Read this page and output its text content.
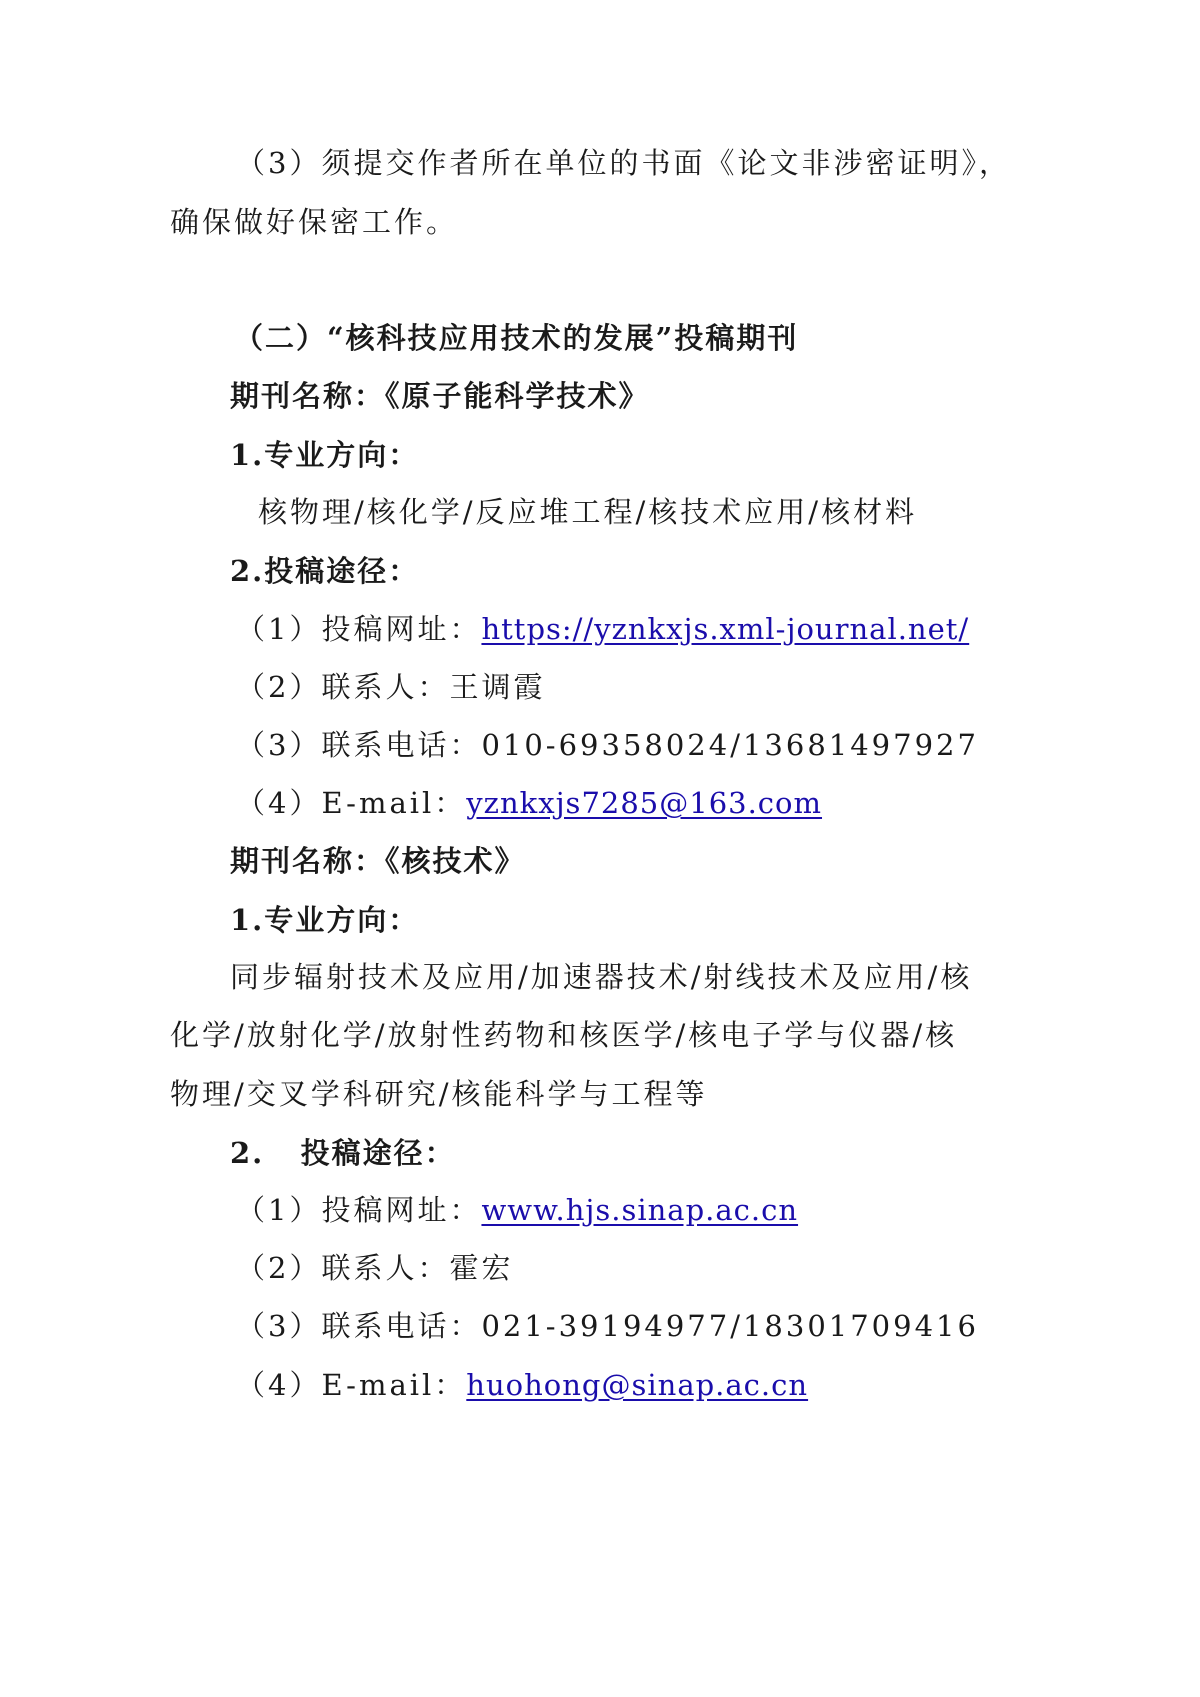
（3）须提交作者所在单位的书面《论文非涉密证明》，

确保做好保密工作。

（二）“核科技应用技术的发展”投稿期刊

期刊名称：《原子能科学技术》

1.专业方向：

核物理/核化学/反应堆工程/核技术应用/核材料

2.投稿途径：

（1）投稿网址：https://yznkxjs.xml-journal.net/

（2）联系人：王调霞

（3）联系电话：010-69358024/13681497927

（4）E-mail：yznkxjs7285@163.com

期刊名称：《核技术》

1.专业方向：

同步辐射技术及应用/加速器技术/射线技术及应用/核

化学/放射化学/放射性药物和核医学/核电子学与仪器/核

物理/交叉学科研究/核能科学与工程等

2.   投稿途径：

（1）投稿网址：www.hjs.sinap.ac.cn

（2）联系人：霍宏

（3）联系电话：021-39194977/18301709416

（4）E-mail：huohong@sinap.ac.cn
